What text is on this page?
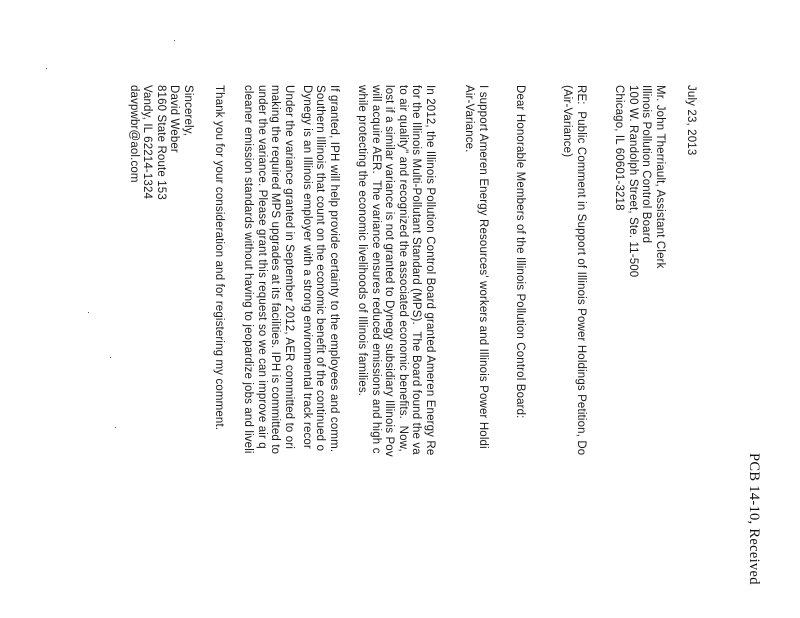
PCB 14-10, Received
July 23, 2013
Mr. John Therriault, Assistant Clerk
Illinois Pollution Control Board
100 W. Randolph Street, Ste. 11-500
Chicago, IL 60601-3218
RE:  Public Comment in Support of Illinois Power Holdings Petition, Do
(Air-Variance)
Dear Honorable Members of the Illinois Pollution Control Board:
I support Ameren Energy Resources' workers and Illinois Power Holdi
Air-Variance.
In 2012, the Illinois Pollution Control Board granted Ameren Energy Re
for the Illinois Multi-Pollutant Standard (MPS).  The Board found the va
to air quality" and recognized the associated economic benefits.  Now,
lost if a similar variance is not granted to Dynegy subsidiary Illinois Pov
will acquire AER.  The variance ensures reduced emissions and high c
while protecting the economic livelihoods of Illinois families.
If granted, IPH will help provide certainty to the employees and comm.
Southern Illinois that count on the economic benefit of the continued o
Dynegy is an Illinois employer with a strong environmental track recor
Under the variance granted in September 2012, AER committed to ori
making the required MPS upgrades at its facilities. IPH is committed to
under the variance. Please grant this request so we can improve air q
cleaner emission standards without having to jeopardize jobs and liveli
Thank you for your consideration and for registering my comment.
Sincerely,
David Weber
8160 State Route 153
Vandy, IL 62214-1324
davpwbr@aol.com
